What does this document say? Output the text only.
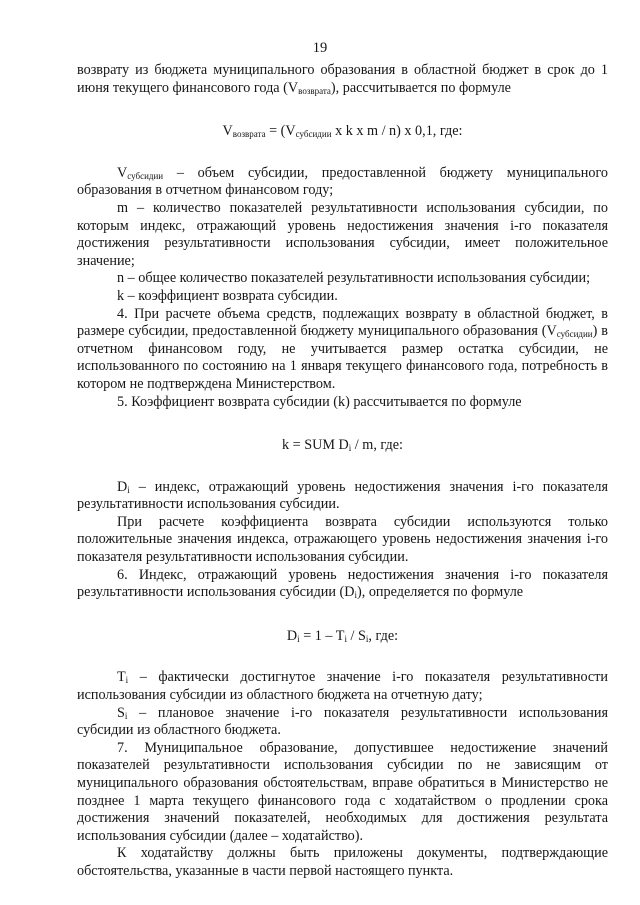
19

возврату из бюджета муниципального образования в областной бюджет в срок до 1 июня текущего финансового года $(V_{возврата})$, рассчитывается по формуле

$V_{возврата} = (V_{субсидии}$ x k x m / n) x 0,1, где:

$V_{субсидии}$ – объем субсидии, предоставленной бюджету муниципального образования в отчетном финансовом году;

m – количество показателей результативности использования субсидии, по которым индекс, отражающий уровень недостижения значения i-го показателя достижения результативности использования субсидии, имеет положительное значение;

n – общее количество показателей результативности использования субсидии;

k – коэффициент возврата субсидии.

4. При расчете объема средств, подлежащих возврату в областной бюджет, в размере субсидии, предоставленной бюджету муниципального образования $(V_{субсидии})$ в отчетном финансовом году, не учитывается размер остатка субсидии, не использованного по состоянию на 1 января текущего финансового года, потребность в котором не подтверждена Министерством.

5. Коэффициент возврата субсидии (k) рассчитывается по формуле

k = SUM $D_i$ / m, где:

$D_i$ – индекс, отражающий уровень недостижения значения i-го показателя результативности использования субсидии.

При расчете коэффициента возврата субсидии используются только положительные значения индекса, отражающего уровень недостижения значения i-го показателя результативности использования субсидии.

6. Индекс, отражающий уровень недостижения значения i-го показателя результативности использования субсидии $(D_i)$, определяется по формуле

$D_i = 1 - T_i / S_i$, где:

$T_i$ – фактически достигнутое значение i-го показателя результативности использования субсидии из областного бюджета на отчетную дату;

$S_i$ – плановое значение i-го показателя результативности использования субсидии из областного бюджета.

7. Муниципальное образование, допустившее недостижение значений показателей результативности использования субсидии по не зависящим от муниципального образования обстоятельствам, вправе обратиться в Министерство не позднее 1 марта текущего финансового года с ходатайством о продлении срока достижения значений показателей, необходимых для достижения результата использования субсидии (далее – ходатайство).

К ходатайству должны быть приложены документы, подтверждающие обстоятельства, указанные в части первой настоящего пункта.
